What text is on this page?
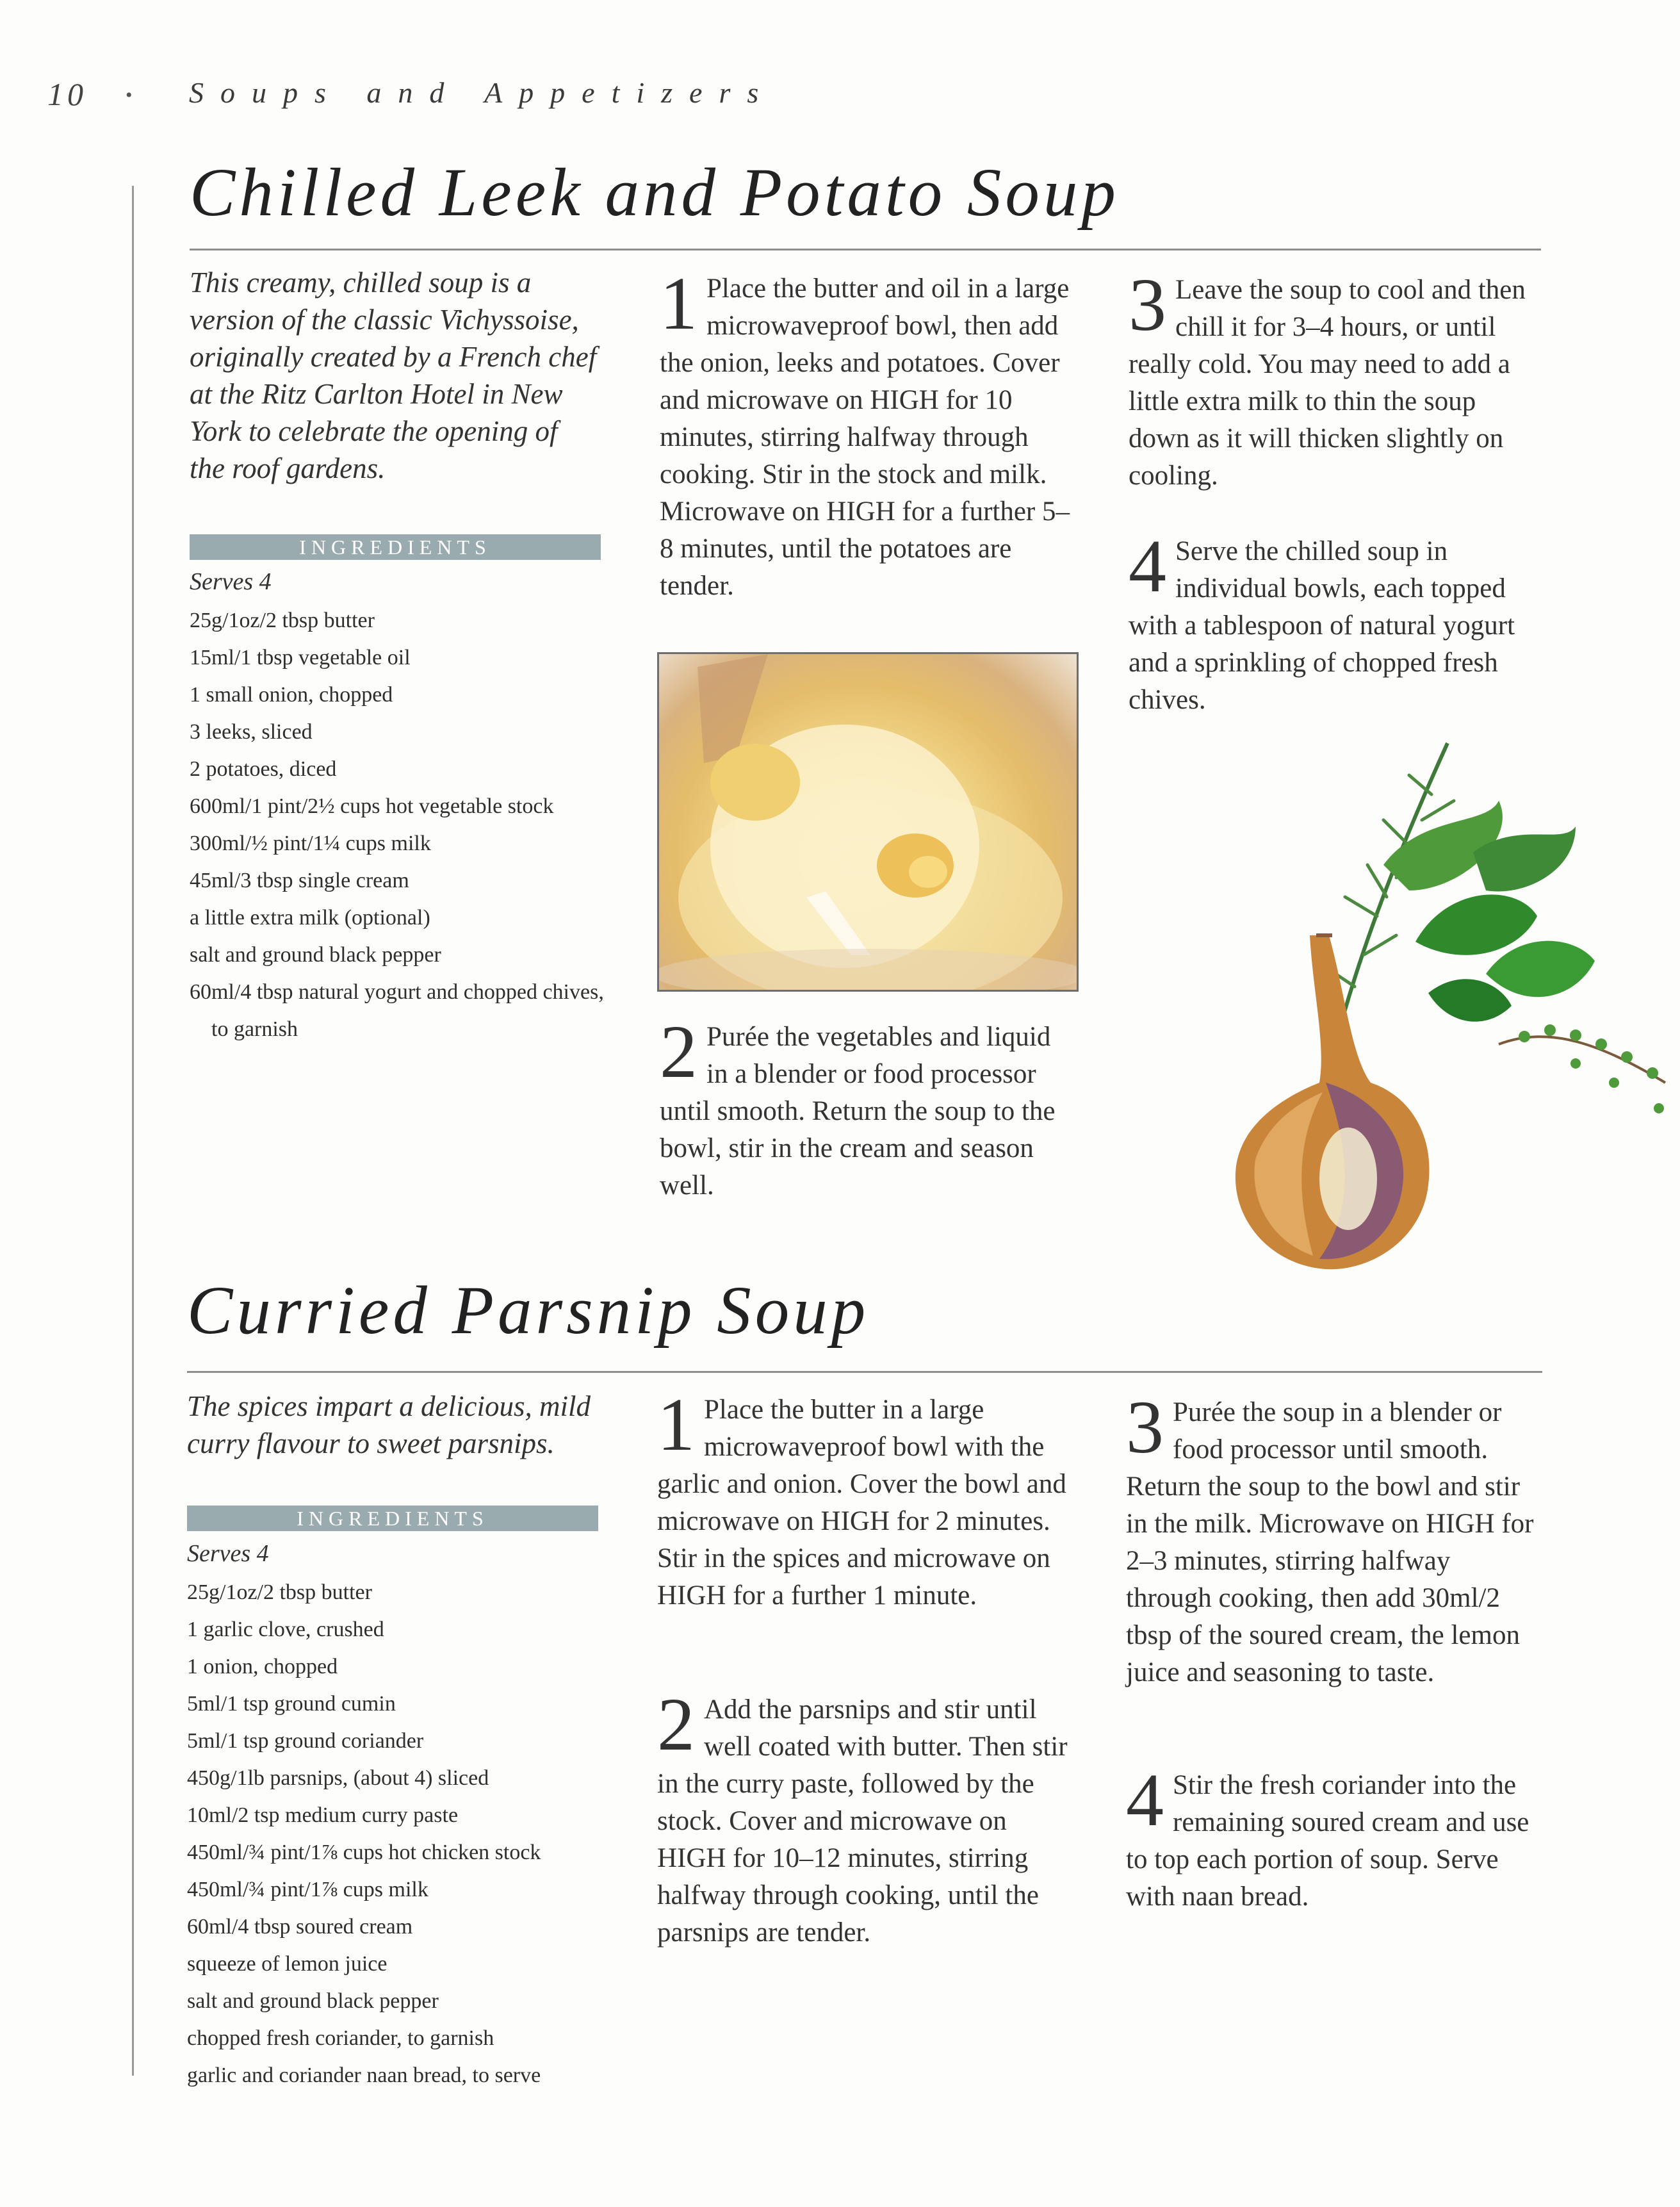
10 • Soups and Appetizers
Chilled Leek and Potato Soup
This creamy, chilled soup is a version of the classic Vichyssoise, originally created by a French chef at the Ritz Carlton Hotel in New York to celebrate the opening of the roof gardens.
INGREDIENTS
Serves 4
25g/1oz/2 tbsp butter
15ml/1 tbsp vegetable oil
1 small onion, chopped
3 leeks, sliced
2 potatoes, diced
600ml/1 pint/2½ cups hot vegetable stock
300ml/½ pint/1¼ cups milk
45ml/3 tbsp single cream
a little extra milk (optional)
salt and ground black pepper
60ml/4 tbsp natural yogurt and chopped chives, to garnish
1 Place the butter and oil in a large microwaveproof bowl, then add the onion, leeks and potatoes. Cover and microwave on HIGH for 10 minutes, stirring halfway through cooking. Stir in the stock and milk. Microwave on HIGH for a further 5–8 minutes, until the potatoes are tender.
2 Purée the vegetables and liquid in a blender or food processor until smooth. Return the soup to the bowl, stir in the cream and season well.
3 Leave the soup to cool and then chill it for 3–4 hours, or until really cold. You may need to add a little extra milk to thin the soup down as it will thicken slightly on cooling.
4 Serve the chilled soup in individual bowls, each topped with a tablespoon of natural yogurt and a sprinkling of chopped fresh chives.
Curried Parsnip Soup
The spices impart a delicious, mild curry flavour to sweet parsnips.
INGREDIENTS
Serves 4
25g/1oz/2 tbsp butter
1 garlic clove, crushed
1 onion, chopped
5ml/1 tsp ground cumin
5ml/1 tsp ground coriander
450g/1lb parsnips, (about 4) sliced
10ml/2 tsp medium curry paste
450ml/¾ pint/1⅞ cups hot chicken stock
450ml/¾ pint/1⅞ cups milk
60ml/4 tbsp soured cream
squeeze of lemon juice
salt and ground black pepper
chopped fresh coriander, to garnish
garlic and coriander naan bread, to serve
1 Place the butter in a large microwaveproof bowl with the garlic and onion. Cover the bowl and microwave on HIGH for 2 minutes. Stir in the spices and microwave on HIGH for a further 1 minute.
2 Add the parsnips and stir until well coated with butter. Then stir in the curry paste, followed by the stock. Cover and microwave on HIGH for 10–12 minutes, stirring halfway through cooking, until the parsnips are tender.
3 Purée the soup in a blender or food processor until smooth. Return the soup to the bowl and stir in the milk. Microwave on HIGH for 2–3 minutes, stirring halfway through cooking, then add 30ml/2 tbsp of the soured cream, the lemon juice and seasoning to taste.
4 Stir the fresh coriander into the remaining soured cream and use to top each portion of soup. Serve with naan bread.
